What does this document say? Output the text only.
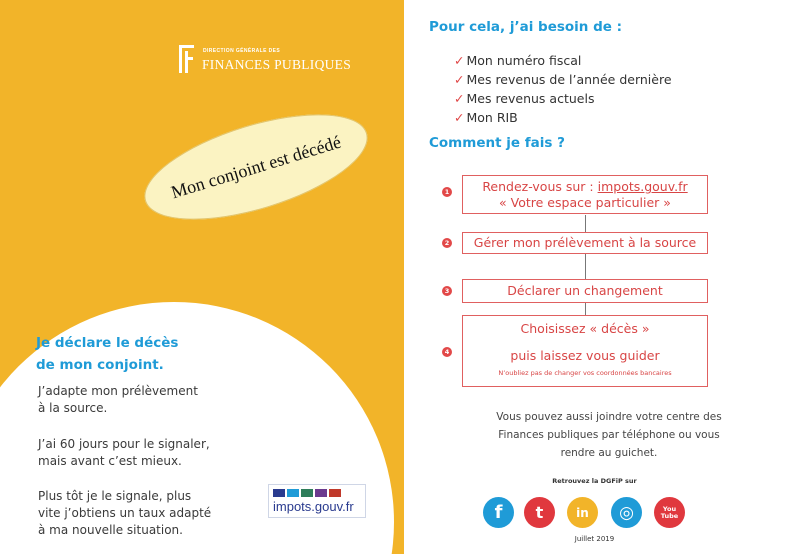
DIRECTION GÉNÉRALE DES
FINANCES PUBLIQUES
Mon conjoint est décédé
Je déclare le décès
de mon conjoint.
J’adapte mon prélèvement
à la source.
J’ai 60 jours pour le signaler,
mais avant c’est mieux.
Plus tôt je le signale, plus
vite j’obtiens un taux adapté
à ma nouvelle situation.
impots.gouv.fr
Pour cela, j’ai besoin de :
✓ Mon numéro fiscal
✓ Mes revenus de l’année dernière
✓ Mes revenus actuels
✓ Mon RIB
Comment je fais ?
1	Rendez-vous sur : impots.gouv.fr
« Votre espace particulier »
2	Gérer mon prélèvement à la source
3	Déclarer un changement
4
Choisissez « décès »
puis laissez vous guider
N’oubliez pas de changer vos coordonnées bancaires
Vous pouvez aussi joindre votre centre des
Finances publiques par téléphone ou vous
rendre au guichet.
Retrouvez la DGFiP sur
f	t	in	◎	You Tube
Juillet 2019
